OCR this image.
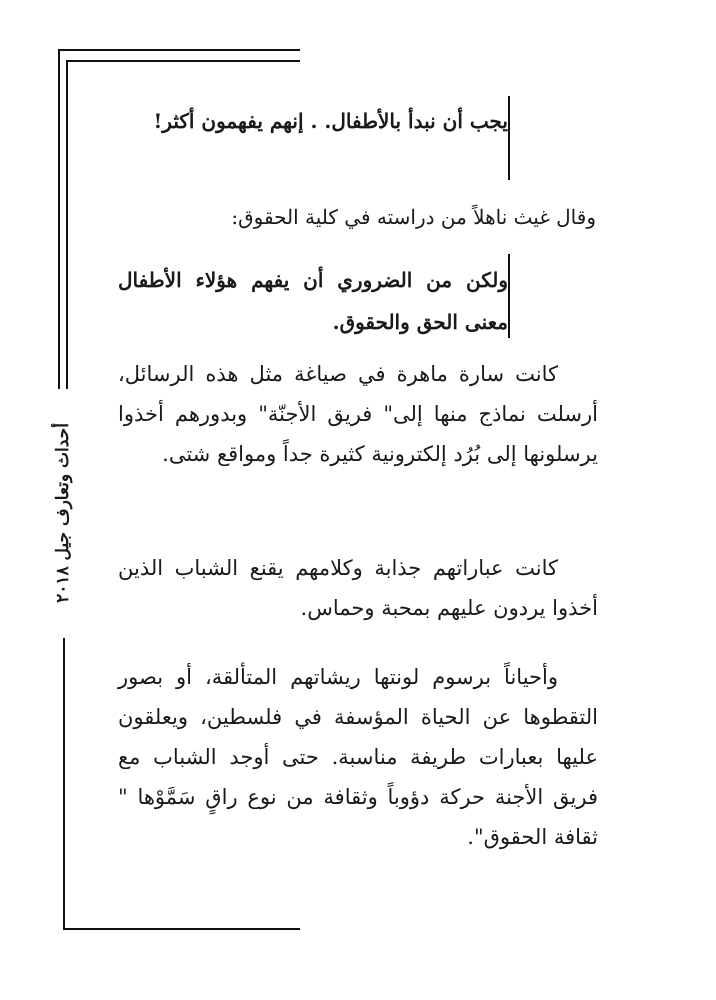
أحداث وتعارف جيل ٢٠١٨
يجب أن نبدأ بالأطفال. . إنهم يفهمون أكثر!
وقال غيث ناهلاً من دراسته في كلية الحقوق:
ولكن من الضروري أن يفهم هؤلاء الأطفال معنى الحق والحقوق.
كانت سارة ماهرة في صياغة مثل هذه الرسائل، أرسلت نماذج منها إلى" فريق الأجنّة" وبدورهم أخذوا يرسلونها إلى بُرُد إلكترونية كثيرة جداً ومواقع شتى.
كانت عباراتهم جذابة وكلامهم يقنع الشباب الذين أخذوا يردون عليهم بمحبة وحماس.
وأحياناً برسوم لونتها ريشاتهم المتألقة، أو بصور التقطوها عن الحياة المؤسفة في فلسطين، ويعلقون عليها بعبارات طريفة مناسبة. حتى أوجد الشباب مع فريق الأجنة حركة دؤوباً وثقافة من نوع راقٍ سَمَّوْها " ثقافة الحقوق".
